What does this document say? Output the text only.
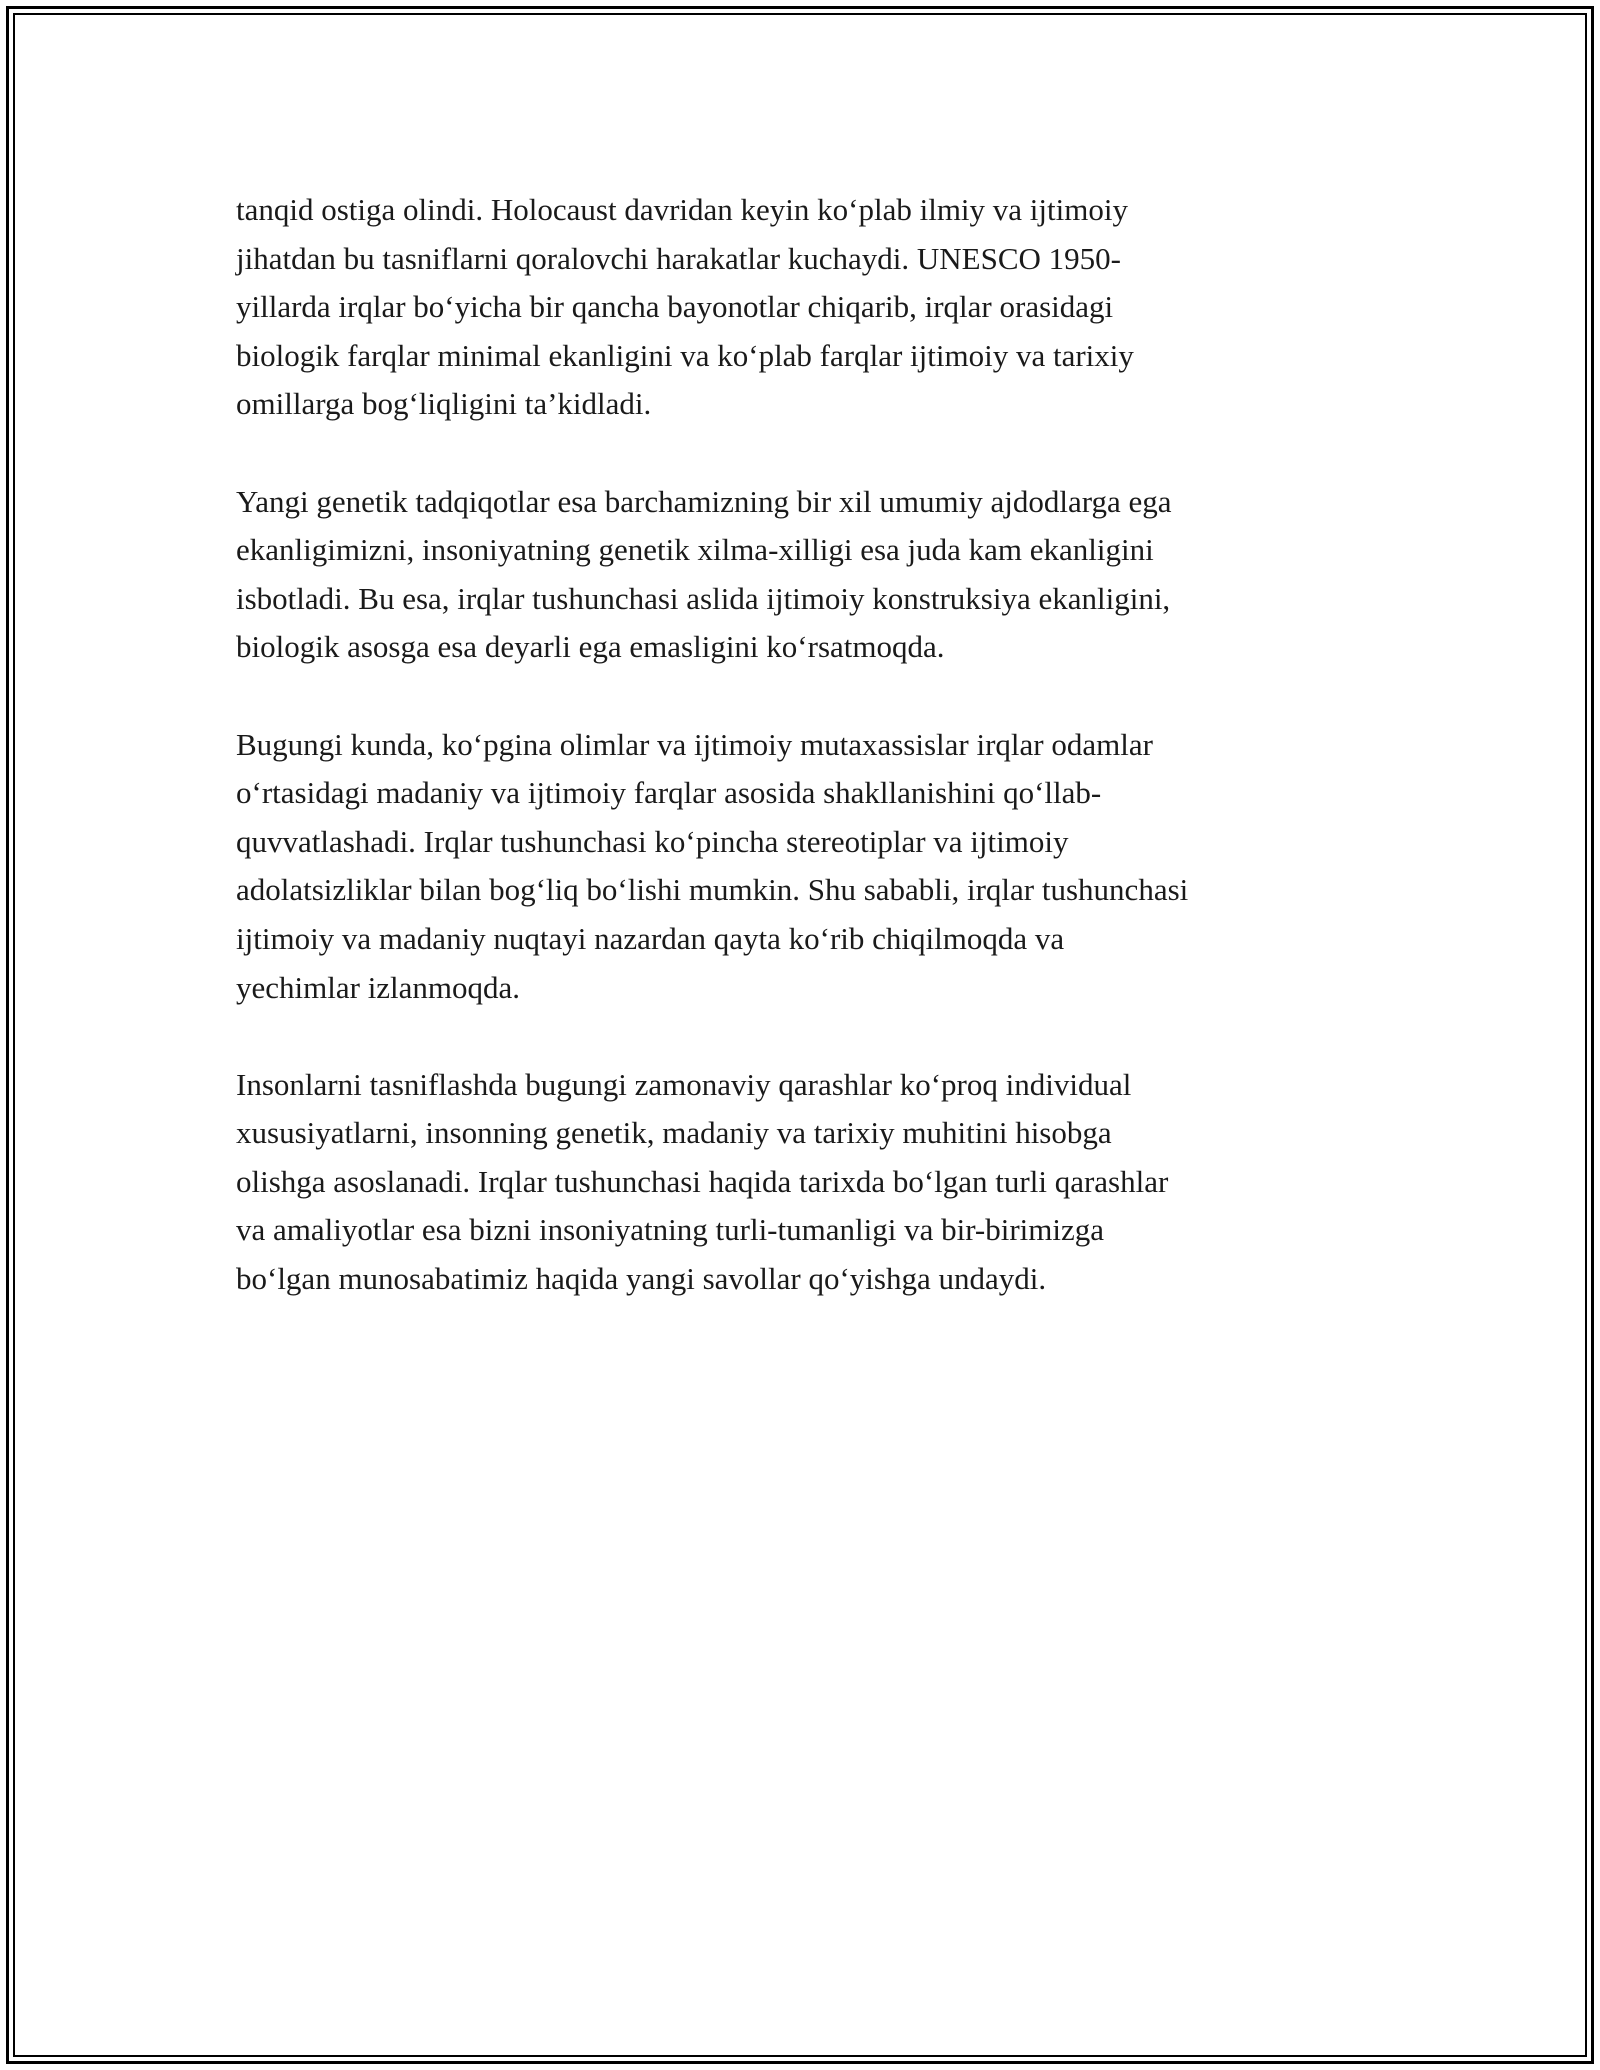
tanqid ostiga olindi. Holocaust davridan keyin ko‘plab ilmiy va ijtimoiy
jihatdan bu tasniflarni qoralovchi harakatlar kuchaydi. UNESCO 1950-
yillarda irqlar bo‘yicha bir qancha bayonotlar chiqarib, irqlar orasidagi
biologik farqlar minimal ekanligini va ko‘plab farqlar ijtimoiy va tarixiy
omillarga bog‘liqligini ta’kidladi.

Yangi genetik tadqiqotlar esa barchamizning bir xil umumiy ajdodlarga ega
ekanligimizni, insoniyatning genetik xilma-xilligi esa juda kam ekanligini
isbotladi. Bu esa, irqlar tushunchasi aslida ijtimoiy konstruksiya ekanligini,
biologik asosga esa deyarli ega emasligini ko‘rsatmoqda.

Bugungi kunda, ko‘pgina olimlar va ijtimoiy mutaxassislar irqlar odamlar
o‘rtasidagi madaniy va ijtimoiy farqlar asosida shakllanishini qo‘llab-
quvvatlashadi. Irqlar tushunchasi ko‘pincha stereotiplar va ijtimoiy
adolatsizliklar bilan bog‘liq bo‘lishi mumkin. Shu sababli, irqlar tushunchasi
ijtimoiy va madaniy nuqtayi nazardan qayta ko‘rib chiqilmoqda va
yechimlar izlanmoqda.

Insonlarni tasniflashda bugungi zamonaviy qarashlar ko‘proq individual
xususiyatlarni, insonning genetik, madaniy va tarixiy muhitini hisobga
olishga asoslanadi. Irqlar tushunchasi haqida tarixda bo‘lgan turli qarashlar
va amaliyotlar esa bizni insoniyatning turli-tumanligi va bir-birimizga
bo‘lgan munosabatimiz haqida yangi savollar qo‘yishga undaydi.
